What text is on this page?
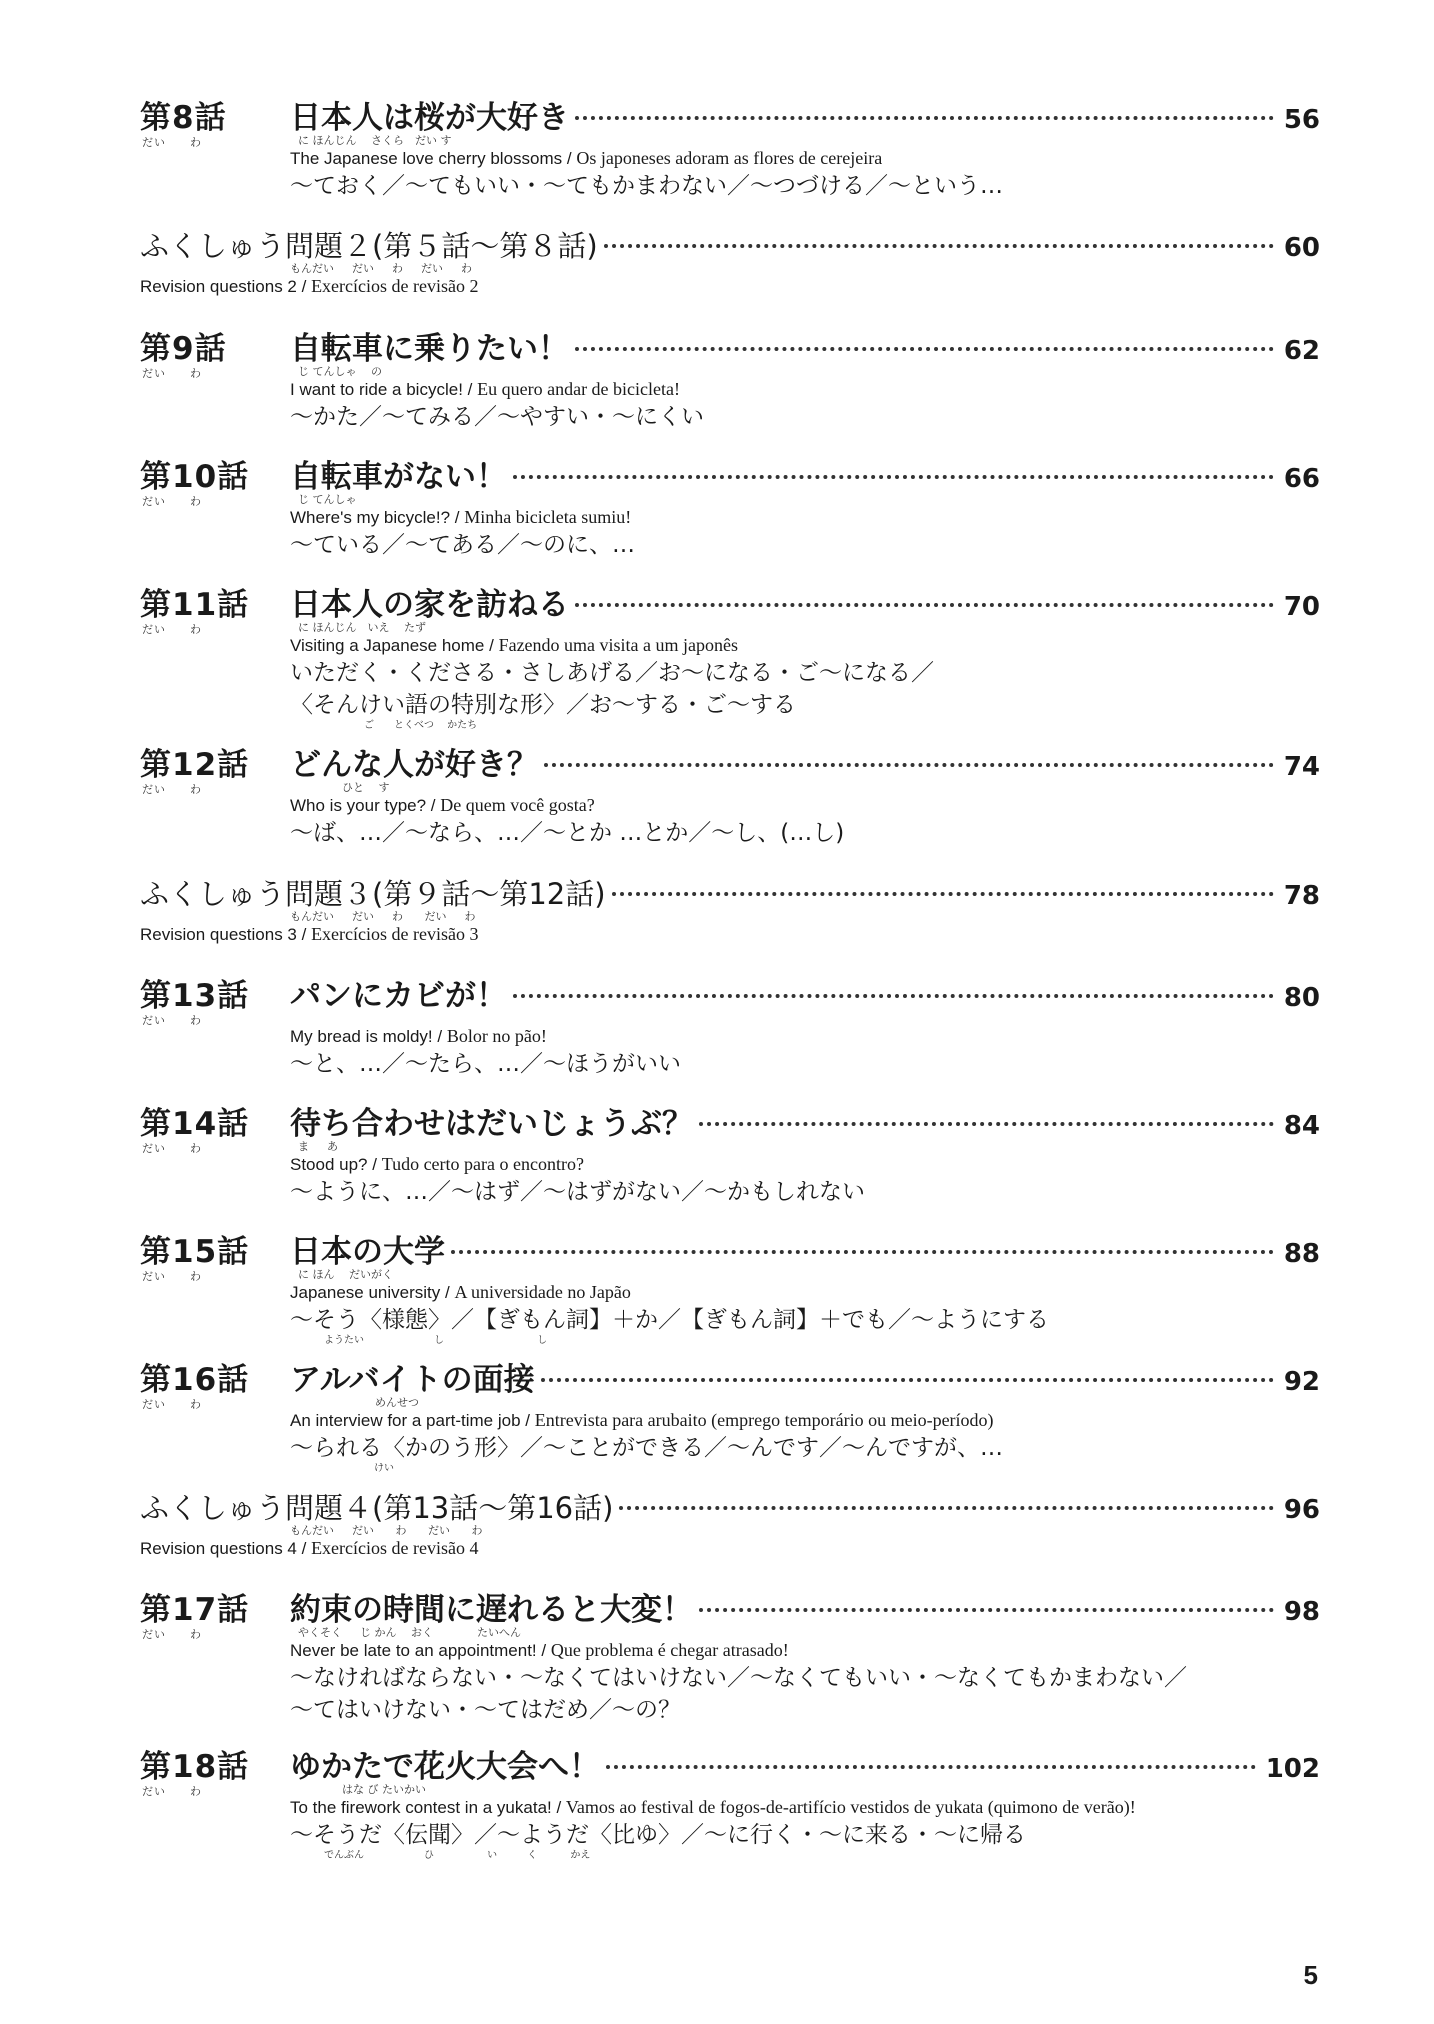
第8話
だい　　わ
日本人は桜が大好き	56
に ほんじん　 さくら　だい す
The Japanese love cherry blossoms / Os japoneses adoram as flores de cerejeira
〜ておく／〜てもいい・〜てもかまわない／〜つづける／〜という…
ふくしゅう問題２(第５話〜第８話)	60
もんだい　  だい　  わ　  だい　  わ
Revision questions 2 / Exercícios de revisão 2
第9話
だい　　わ
自転車に乗りたい！	62
じ てんしゃ　 の
I want to ride a bicycle! / Eu quero andar de bicicleta!
〜かた／〜てみる／〜やすい・〜にくい
第10話
だい　　わ
自転車がない！	66
じ てんしゃ
Where's my bicycle!? / Minha bicicleta sumiu!
〜ている／〜てある／〜のに、…
第11話
だい　　わ
日本人の家を訪ねる	70
に ほんじん　いえ　 たず
Visiting a Japanese home / Fazendo uma visita a um japonês
いただく・くださる・さしあげる／お〜になる・ご〜になる／
〈そんけい語の特別な形〉／お〜する・ご〜する
　　　　　　　ご　　とくべつ　 かたち
第12話
だい　　わ
どんな人が好き？	74
　　　　ひと　 す
Who is your type? / De quem você gosta?
〜ば、…／〜なら、…／〜とか …とか／〜し、(…し)
ふくしゅう問題３(第９話〜第12話)	78
もんだい　  だい　  わ　   だい　  わ
Revision questions 3 / Exercícios de revisão 3
第13話
だい　　わ
パンにカビが！	80
My bread is moldy! / Bolor no pão!
〜と、…／〜たら、…／〜ほうがいい
第14話
だい　　わ
待ち合わせはだいじょうぶ？	84
ま　  あ
Stood up? / Tudo certo para o encontro?
〜ように、…／〜はず／〜はずがない／〜かもしれない
第15話
だい　　わ
日本の大学	88
に ほん　 だいがく
Japanese university / A universidade no Japão
〜そう〈様態〉／【ぎもん詞】＋か／【ぎもん詞】＋でも／〜ようにする
　　　ようたい　　　　　　　し　　　　　　　　　 し
第16話
だい　　わ
アルバイトの面接	92
　　　　　　　めんせつ
An interview for a part-time job / Entrevista para arubaito (emprego temporário ou meio-período)
〜られる〈かのう形〉／〜ことができる／〜んです／〜んですが、…
　　　　　　　　けい
ふくしゅう問題４(第13話〜第16話)	96
もんだい　  だい　   わ　   だい　   わ
Revision questions 4 / Exercícios de revisão 4
第17話
だい　　わ
約束の時間に遅れると大変！	98
やくそく　  じ かん　 おく　　　　たいへん
Never be late to an appointment! / Que problema é chegar atrasado!
〜なければならない・〜なくてはいけない／〜なくてもいい・〜なくてもかまわない／
〜てはいけない・〜てはだめ／〜の？
第18話
だい　　わ
ゆかたで花火大会へ！	102
　　　　はな び たいかい
To the firework contest in a yukata! / Vamos ao festival de fogos-de-artifício vestidos de yukata (quimono de verão)!
〜そうだ〈伝聞〉／〜ようだ〈比ゆ〉／〜に行く・〜に来る・〜に帰る
　　　でんぶん　　　　　　ひ　　　　　 い　　　く　　　 かえ
5
